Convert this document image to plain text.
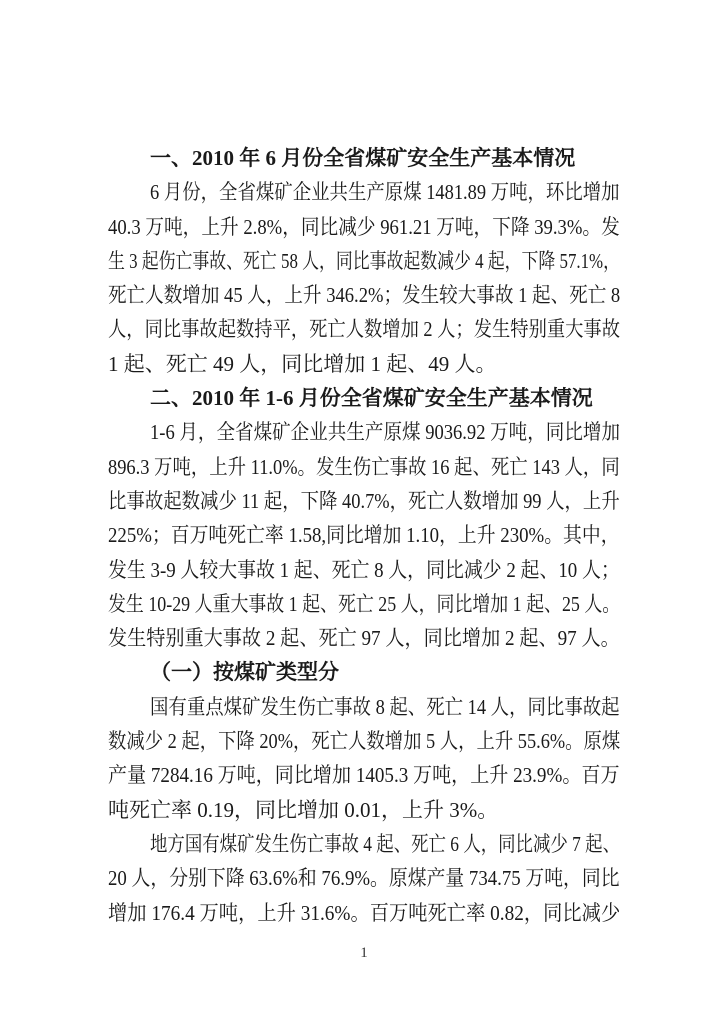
一、2010 年 6 月份全省煤矿安全生产基本情况
6 月份，全省煤矿企业共生产原煤 1481.89 万吨，环比增加
40.3 万吨，上升 2.8%，同比减少 961.21 万吨，下降 39.3%。发
生 3 起伤亡事故、死亡 58 人，同比事故起数减少 4 起，下降 57.1%，
死亡人数增加 45 人，上升 346.2%；发生较大事故 1 起、死亡 8
人，同比事故起数持平，死亡人数增加 2 人；发生特别重大事故
1 起、死亡 49 人，同比增加 1 起、49 人。
二、2010 年 1-6 月份全省煤矿安全生产基本情况
1-6 月，全省煤矿企业共生产原煤 9036.92 万吨，同比增加
896.3 万吨，上升 11.0%。发生伤亡事故 16 起、死亡 143 人，同
比事故起数减少 11 起，下降 40.7%，死亡人数增加 99 人，上升
225%；百万吨死亡率 1.58,同比增加 1.10，上升 230%。其中，
发生 3-9 人较大事故 1 起、死亡 8 人，同比减少 2 起、10 人；
发生 10-29 人重大事故 1 起、死亡 25 人，同比增加 1 起、25 人。
发生特别重大事故 2 起、死亡 97 人，同比增加 2 起、97 人。
（一）按煤矿类型分
国有重点煤矿发生伤亡事故 8 起、死亡 14 人，同比事故起
数减少 2 起，下降 20%，死亡人数增加 5 人，上升 55.6%。原煤
产量 7284.16 万吨，同比增加 1405.3 万吨，上升 23.9%。百万
吨死亡率 0.19，同比增加 0.01，上升 3%。
地方国有煤矿发生伤亡事故 4 起、死亡 6 人，同比减少 7 起、
20 人，分别下降 63.6%和 76.9%。原煤产量 734.75 万吨，同比
增加 176.4 万吨，上升 31.6%。百万吨死亡率 0.82，同比减少
1
